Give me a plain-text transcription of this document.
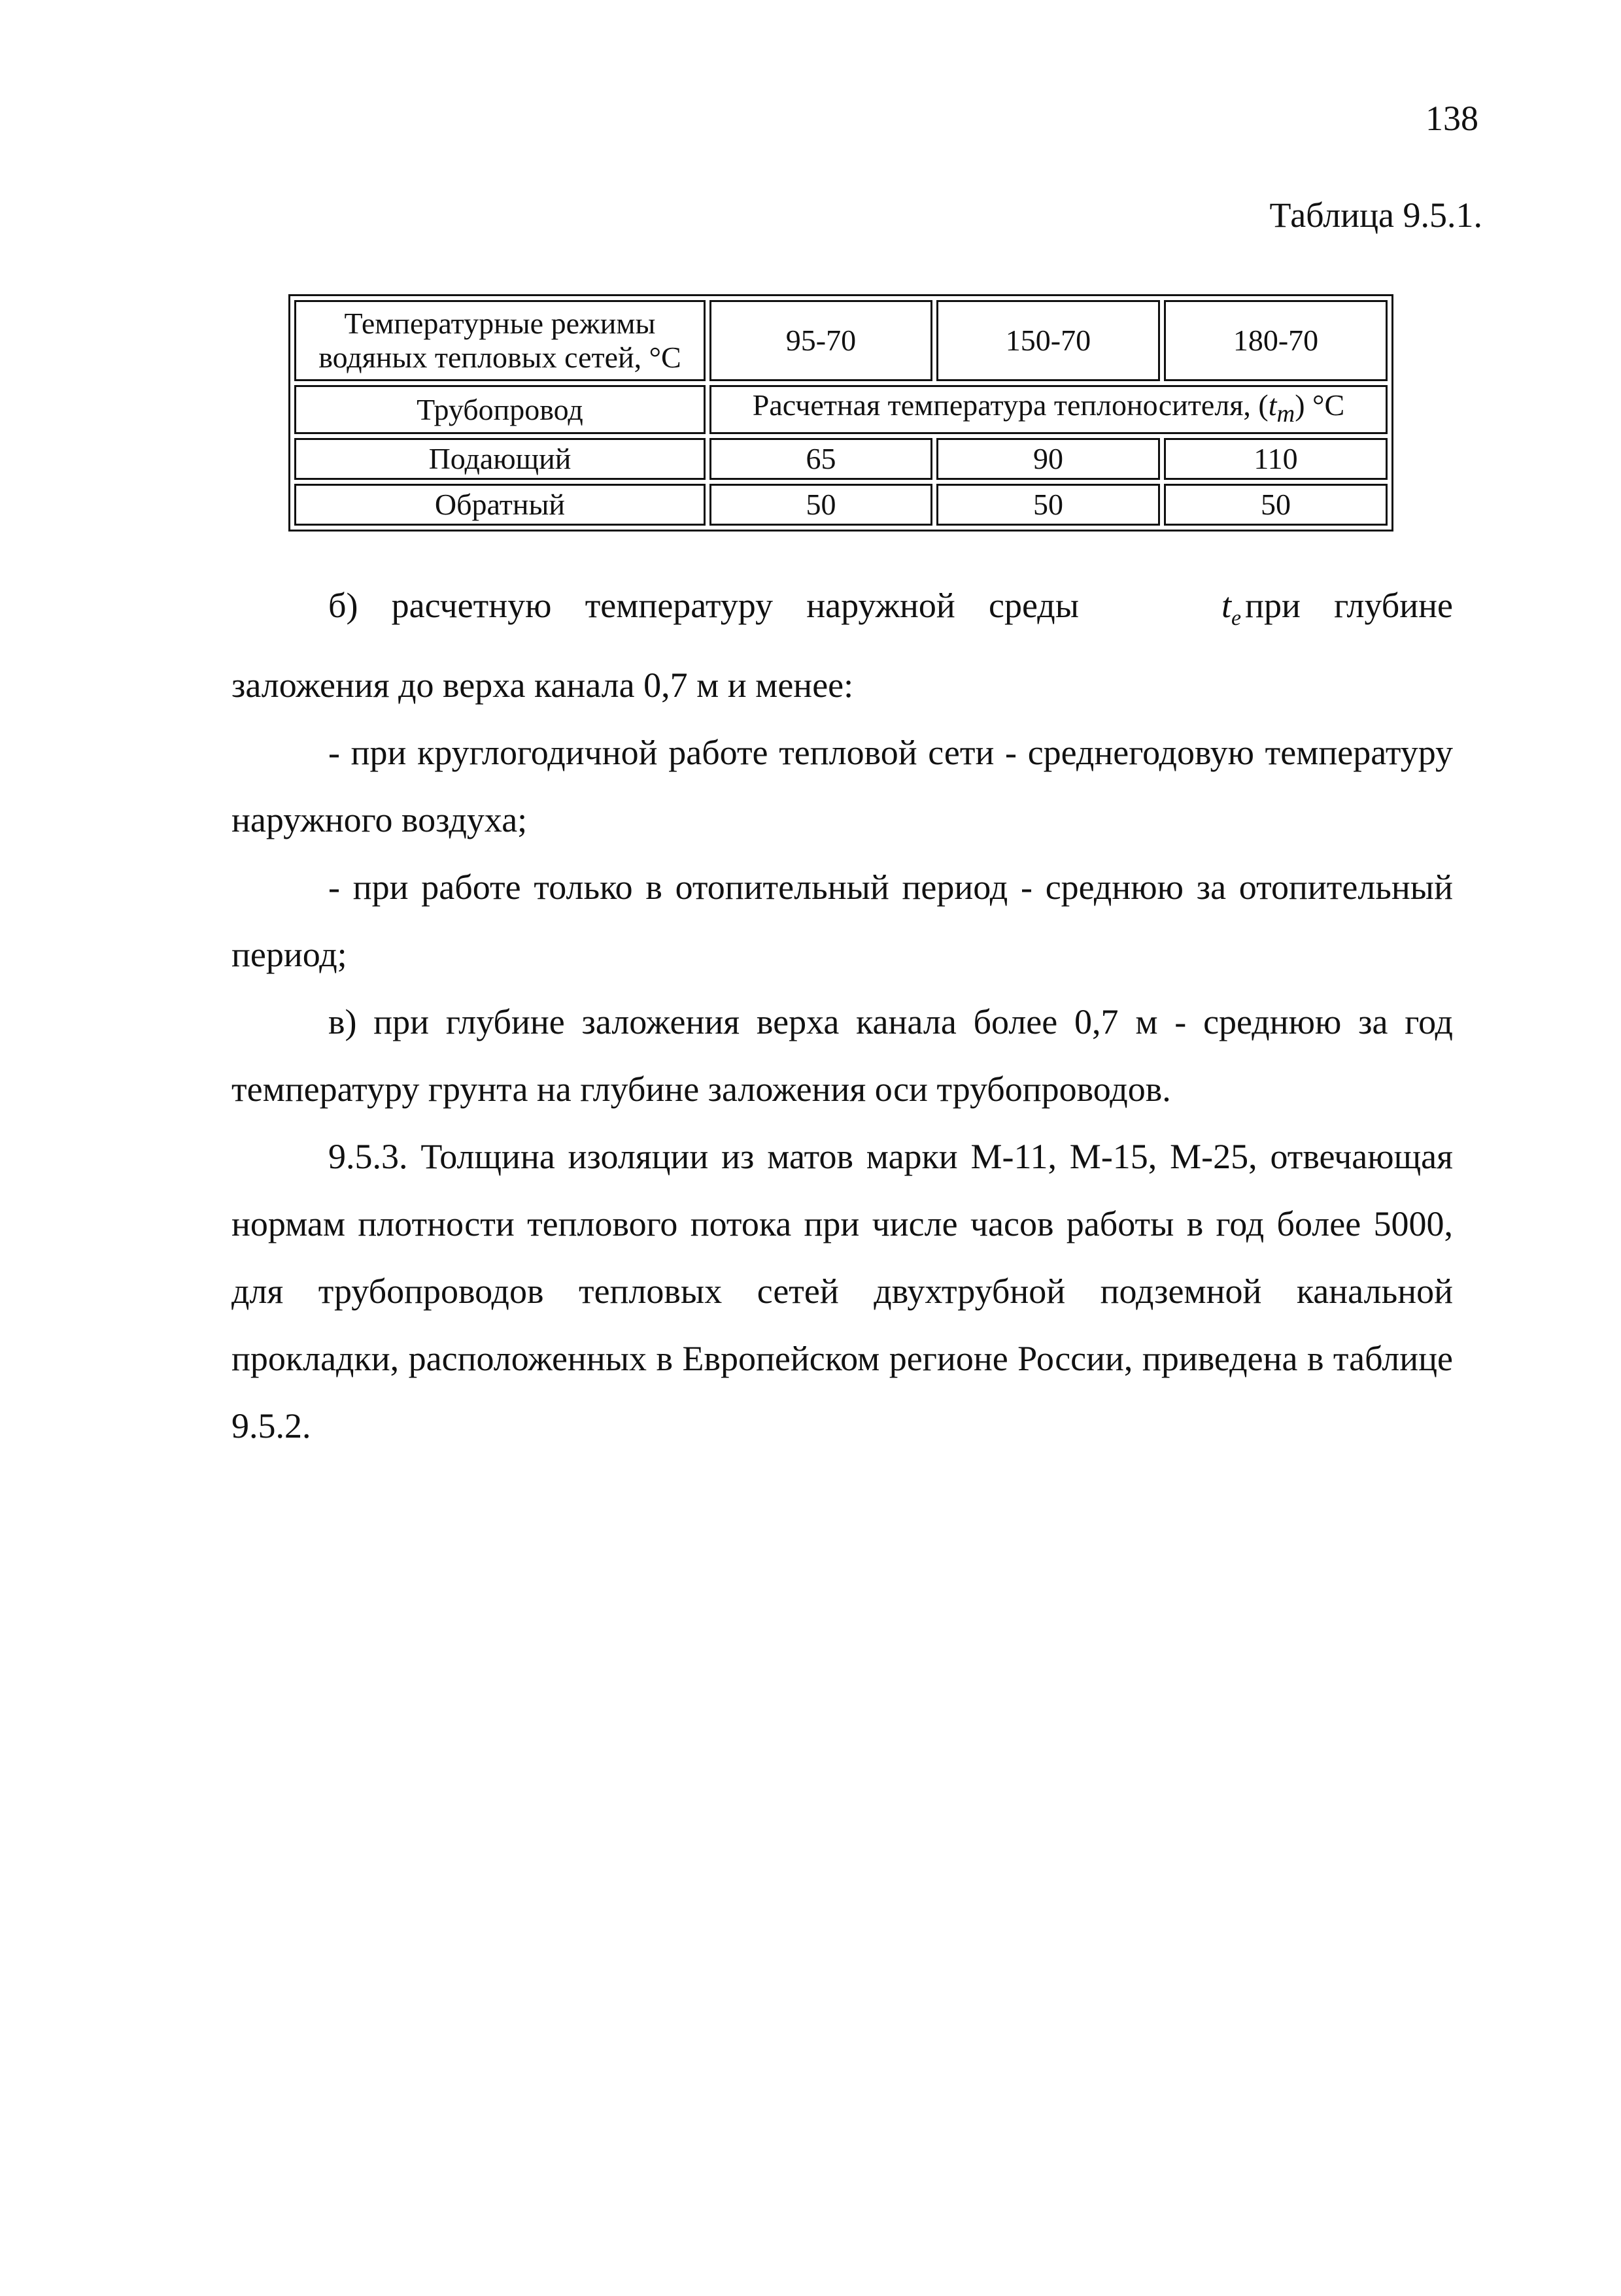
138
Таблица 9.5.1.
Температурные режимы
водяных тепловых сетей, °C	95-70	150-70	180-70
Трубопровод	Расчетная температура теплоносителя, $(t_m)$ °C		
Подающий	65	90	110
Обратный	50	50	50

б) расчетную температуру наружной среды	$t_e$ при глубине заложения до верха канала 0,7 м и менее:

- при круглогодичной работе тепловой сети - среднегодовую температуру наружного воздуха;

- при работе только в отопительный период - среднюю за отопительный период;

в) при глубине заложения верха канала более 0,7 м - среднюю за год температуру грунта на глубине заложения оси трубопроводов.

9.5.3. Толщина изоляции из матов марки М-11, М-15, М-25, отвечающая нормам плотности теплового потока при числе часов работы в год более 5000, для трубопроводов тепловых сетей двухтрубной подземной канальной прокладки, расположенных в Европейском регионе России, приведена в таблице 9.5.2.
